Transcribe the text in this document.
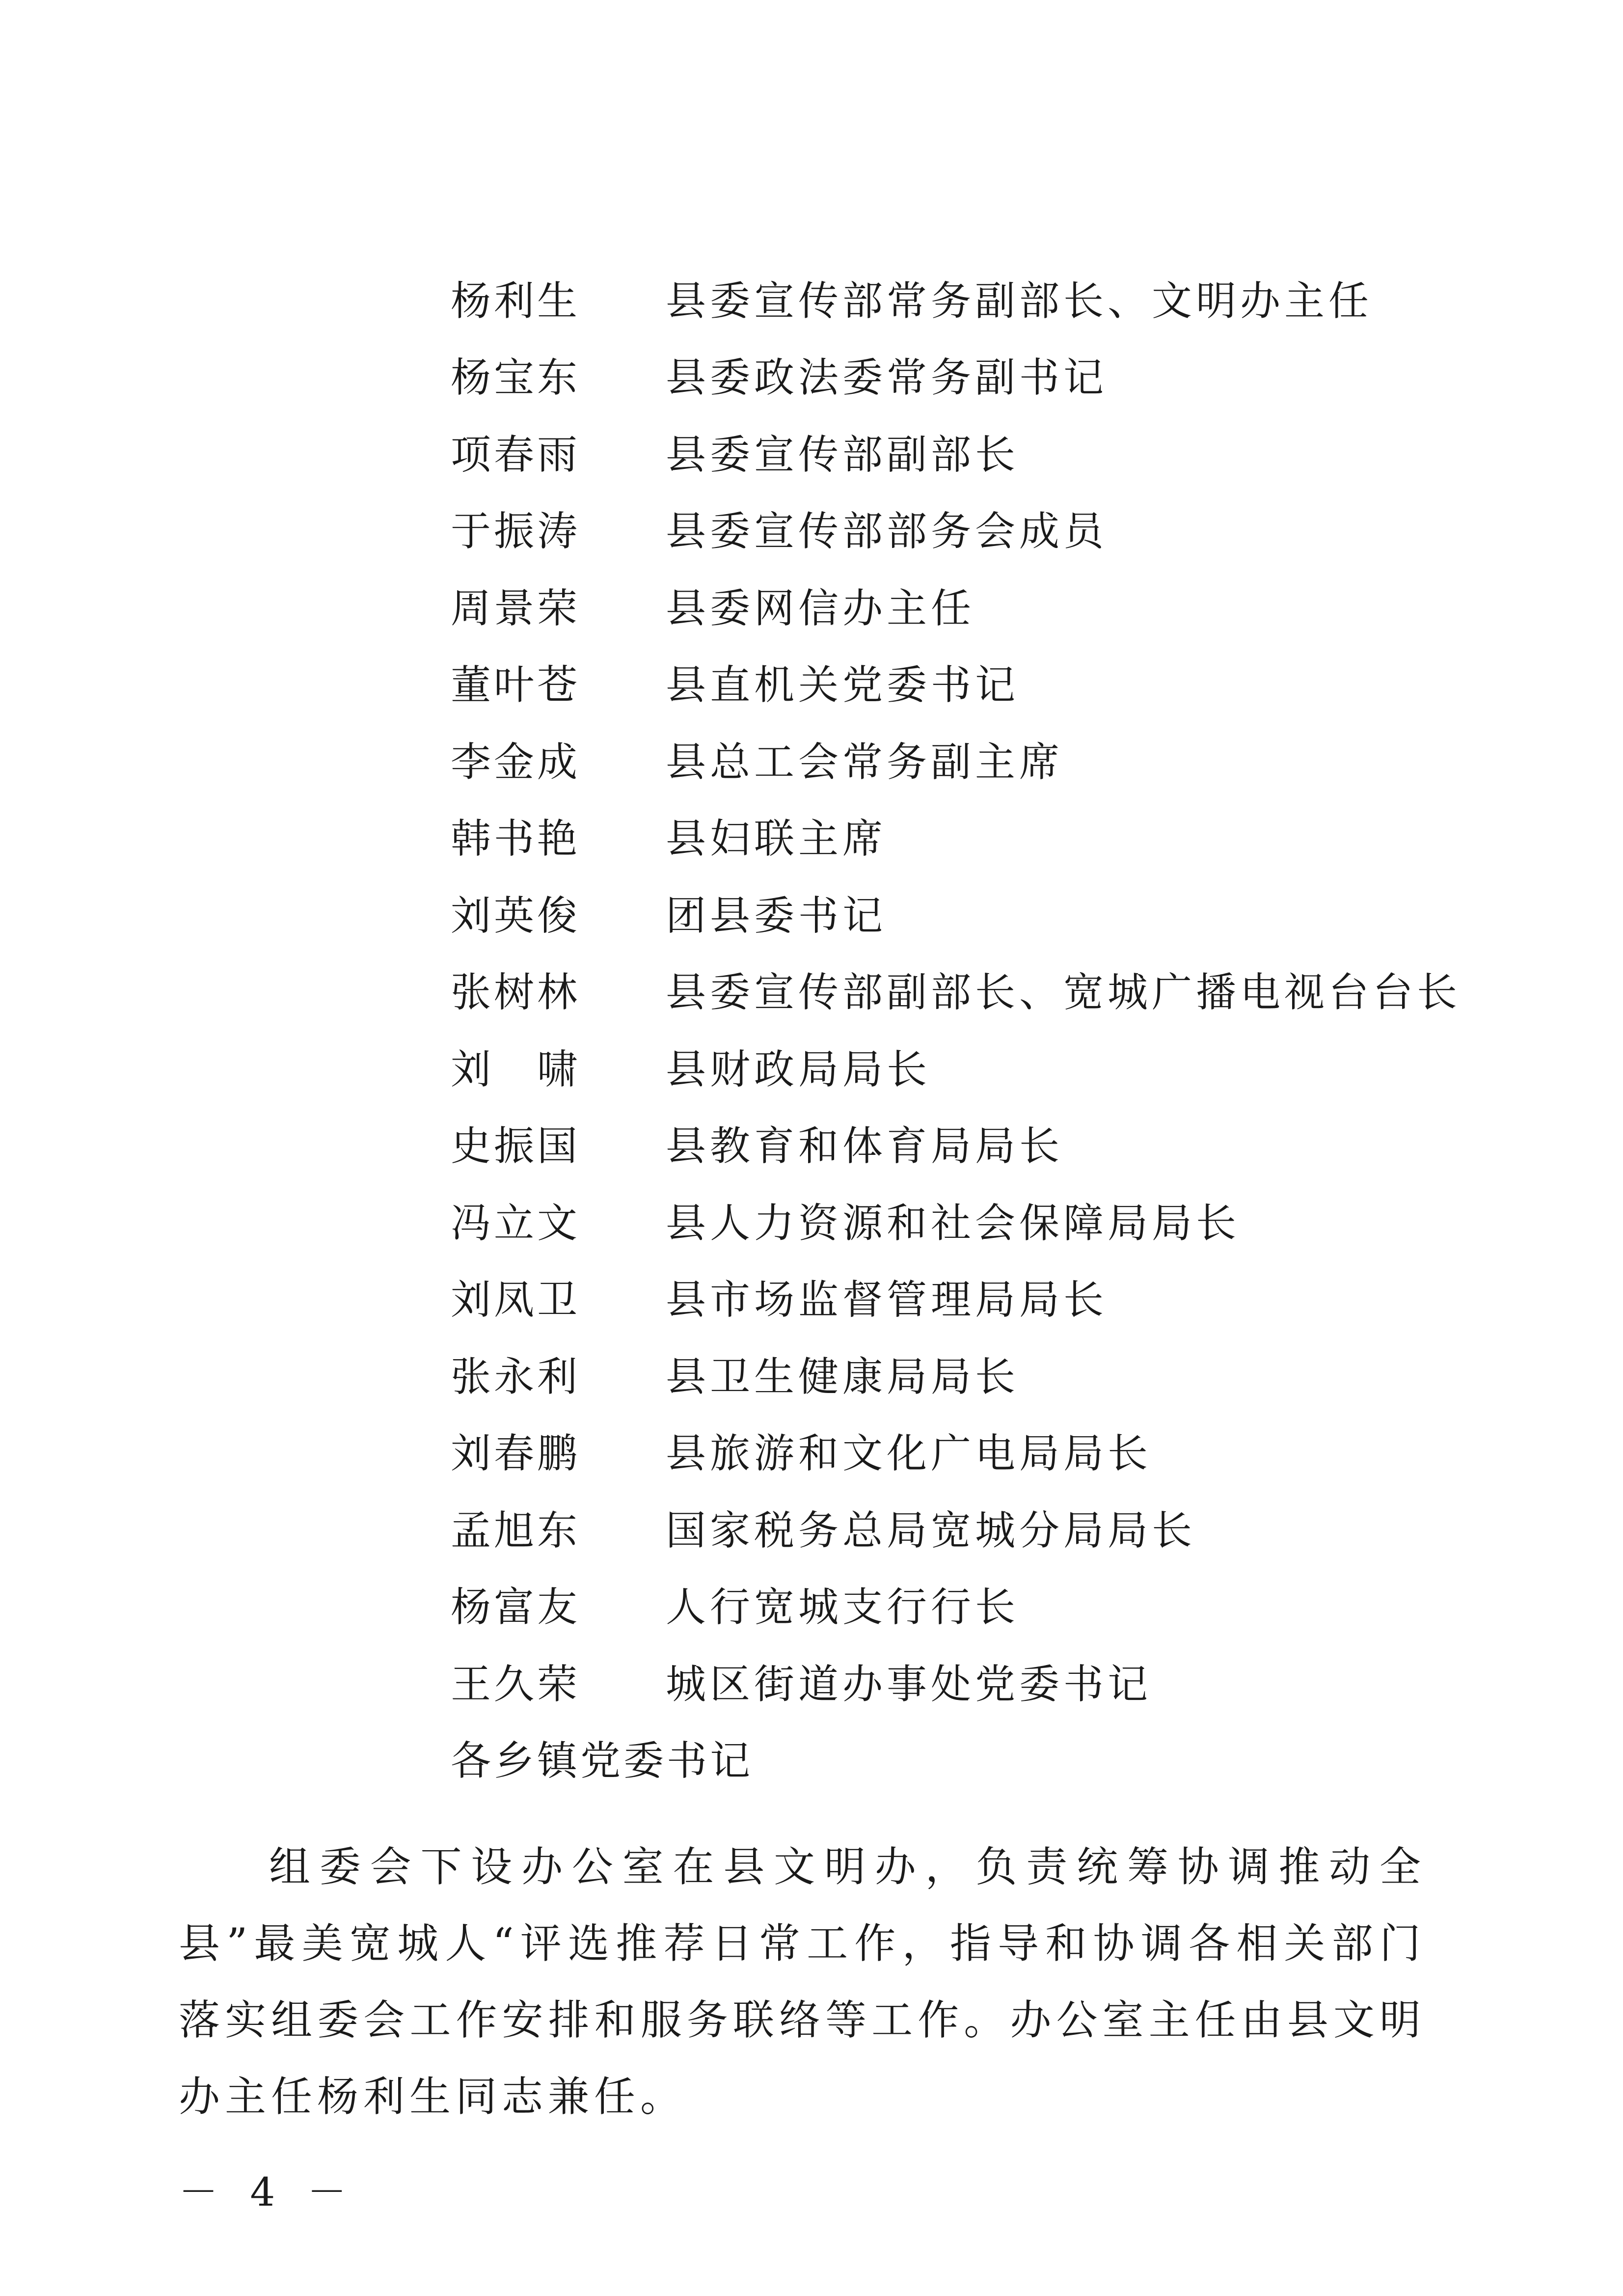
杨利生	县委宣传部常务副部长、文明办主任
杨宝东	县委政法委常务副书记
项春雨	县委宣传部副部长
于振涛	县委宣传部部务会成员
周景荣	县委网信办主任
董叶苍	县直机关党委书记
李金成	县总工会常务副主席
韩书艳	县妇联主席
刘英俊	团县委书记
张树林	县委宣传部副部长、宽城广播电视台台长
刘　啸	县财政局局长
史振国	县教育和体育局局长
冯立文	县人力资源和社会保障局局长
刘凤卫	县市场监督管理局局长
张永利	县卫生健康局局长
刘春鹏	县旅游和文化广电局局长
孟旭东	国家税务总局宽城分局局长
杨富友	人行宽城支行行长
王久荣	城区街道办事处党委书记
各乡镇党委书记

组委会下设办公室在县文明办，负责统筹协调推动全县”最美宽城人“评选推荐日常工作，指导和协调各相关部门落实组委会工作安排和服务联络等工作。办公室主任由县文明办主任杨利生同志兼任。

－ 4 －
